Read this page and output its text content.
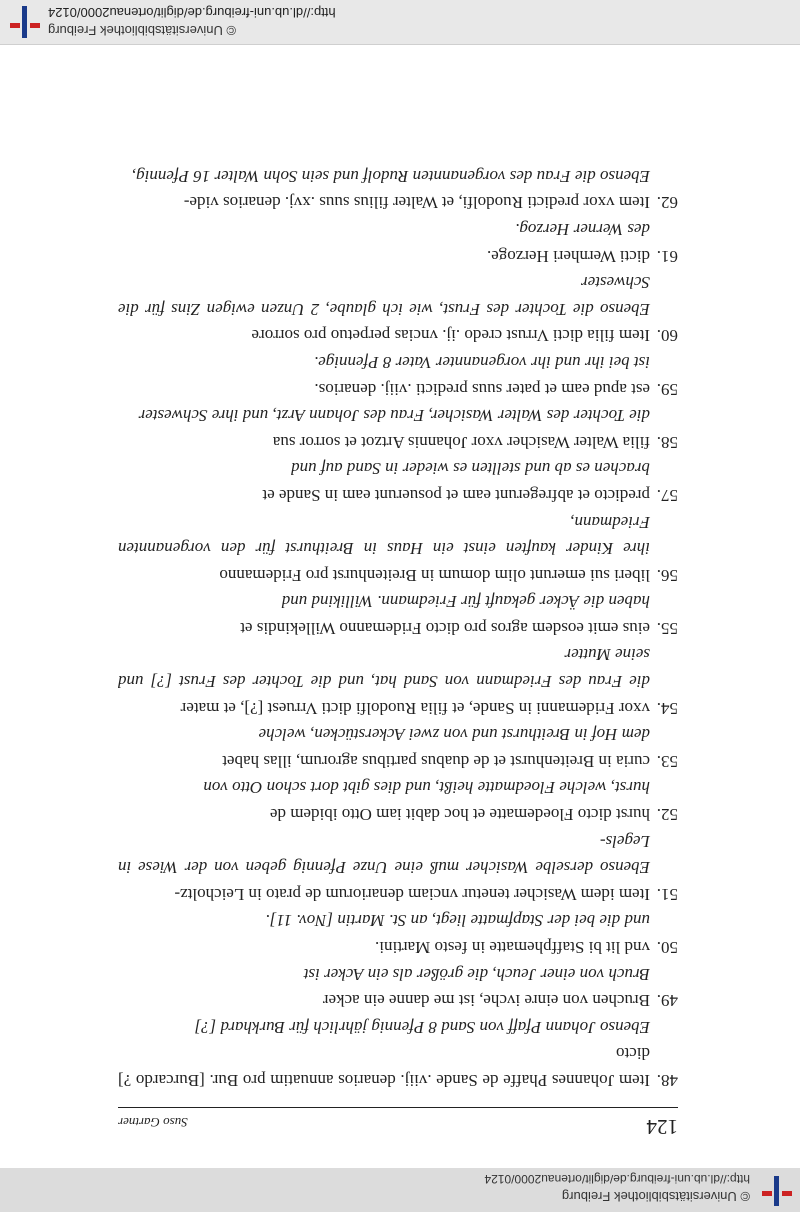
© Universitätsbibliothek Freiburg
http://dl.ub.uni-freiburg.de/diglit/ortenau2000/0124
124
Suso Gartner
48.
Item Johannes Phaffe de Sande .viij. denarios annuatim pro Bur. [Burcardo ?] dicto
Ebenso Johann Pfaff von Sand 8 Pfennig jährlich für Burkhard [?]
49.
Bruchen von einre ivche, ist me danne ein acker
Bruch von einer Jeuch, die größer als ein Acker ist
50.
vnd lit bi Staffphematte in festo Martini.
und die bei der Stapfmatte liegt, an St. Martin [Nov. 11].
51.
Item idem Wasicher tenetur vnciam denariorum de prato in Leicholtz-
Ebenso derselbe Wasicher muß eine Unze Pfennig geben von der Wiese in Legels-
52.
hurst dicto Floedematte et hoc dabit iam Otto ibidem de
hurst, welche Floedmatte heißt, und dies gibt dort schon Otto von
53.
curia in Breitenhurst et de duabus partibus agrorum, illas habet
dem Hof in Breithurst und von zwei Ackerstücken, welche
54.
vxor Fridemanni in Sande, et filia Ruodolfi dicti Vrruest [?], et mater
die Frau des Friedmann von Sand hat, und die Tochter des Frust [?] und seine Mutter
55.
eius emit eosdem agros pro dicto Fridemanno Willekindis et
haben die Äcker gekauft für Friedmann. Willikind und
56.
liberi sui emerunt olim domum in Breitenhurst pro Fridemanno
ihre Kinder kauften einst ein Haus in Breithurst für den vorgenannten Friedmann,
57.
predicto et abfregerunt eam et posuerunt eam in Sande et
brachen es ab und stellten es wieder in Sand auf und
58.
filia Walter Wasicher vxor Johannis Artzot et sorror sua
die Tochter des Walter Wasicher, Frau des Johann Arzt, und ihre Schwester
59.
est apud eam et pater suus predicti .viij. denarios.
ist bei ihr und ihr vorgenannter Vater 8 Pfennige.
60.
Item filia dicti Vrrust credo .ij. vncias perpetuo pro sorrore
Ebenso die Tochter des Frust, wie ich glaube, 2 Unzen ewigen Zins für die Schwester
61.
dicti Wernheri Herzoge.
des Werner Herzog.
62.
Item vxor predicti Ruodolfi, et Walter filius suus .xvj. denarios vide-
Ebenso die Frau des vorgenannten Rudolf und sein Sohn Walter 16 Pfennig,
© Universitätsbibliothek Freiburg
http://dl.ub.uni-freiburg.de/diglit/ortenau2000/0124
